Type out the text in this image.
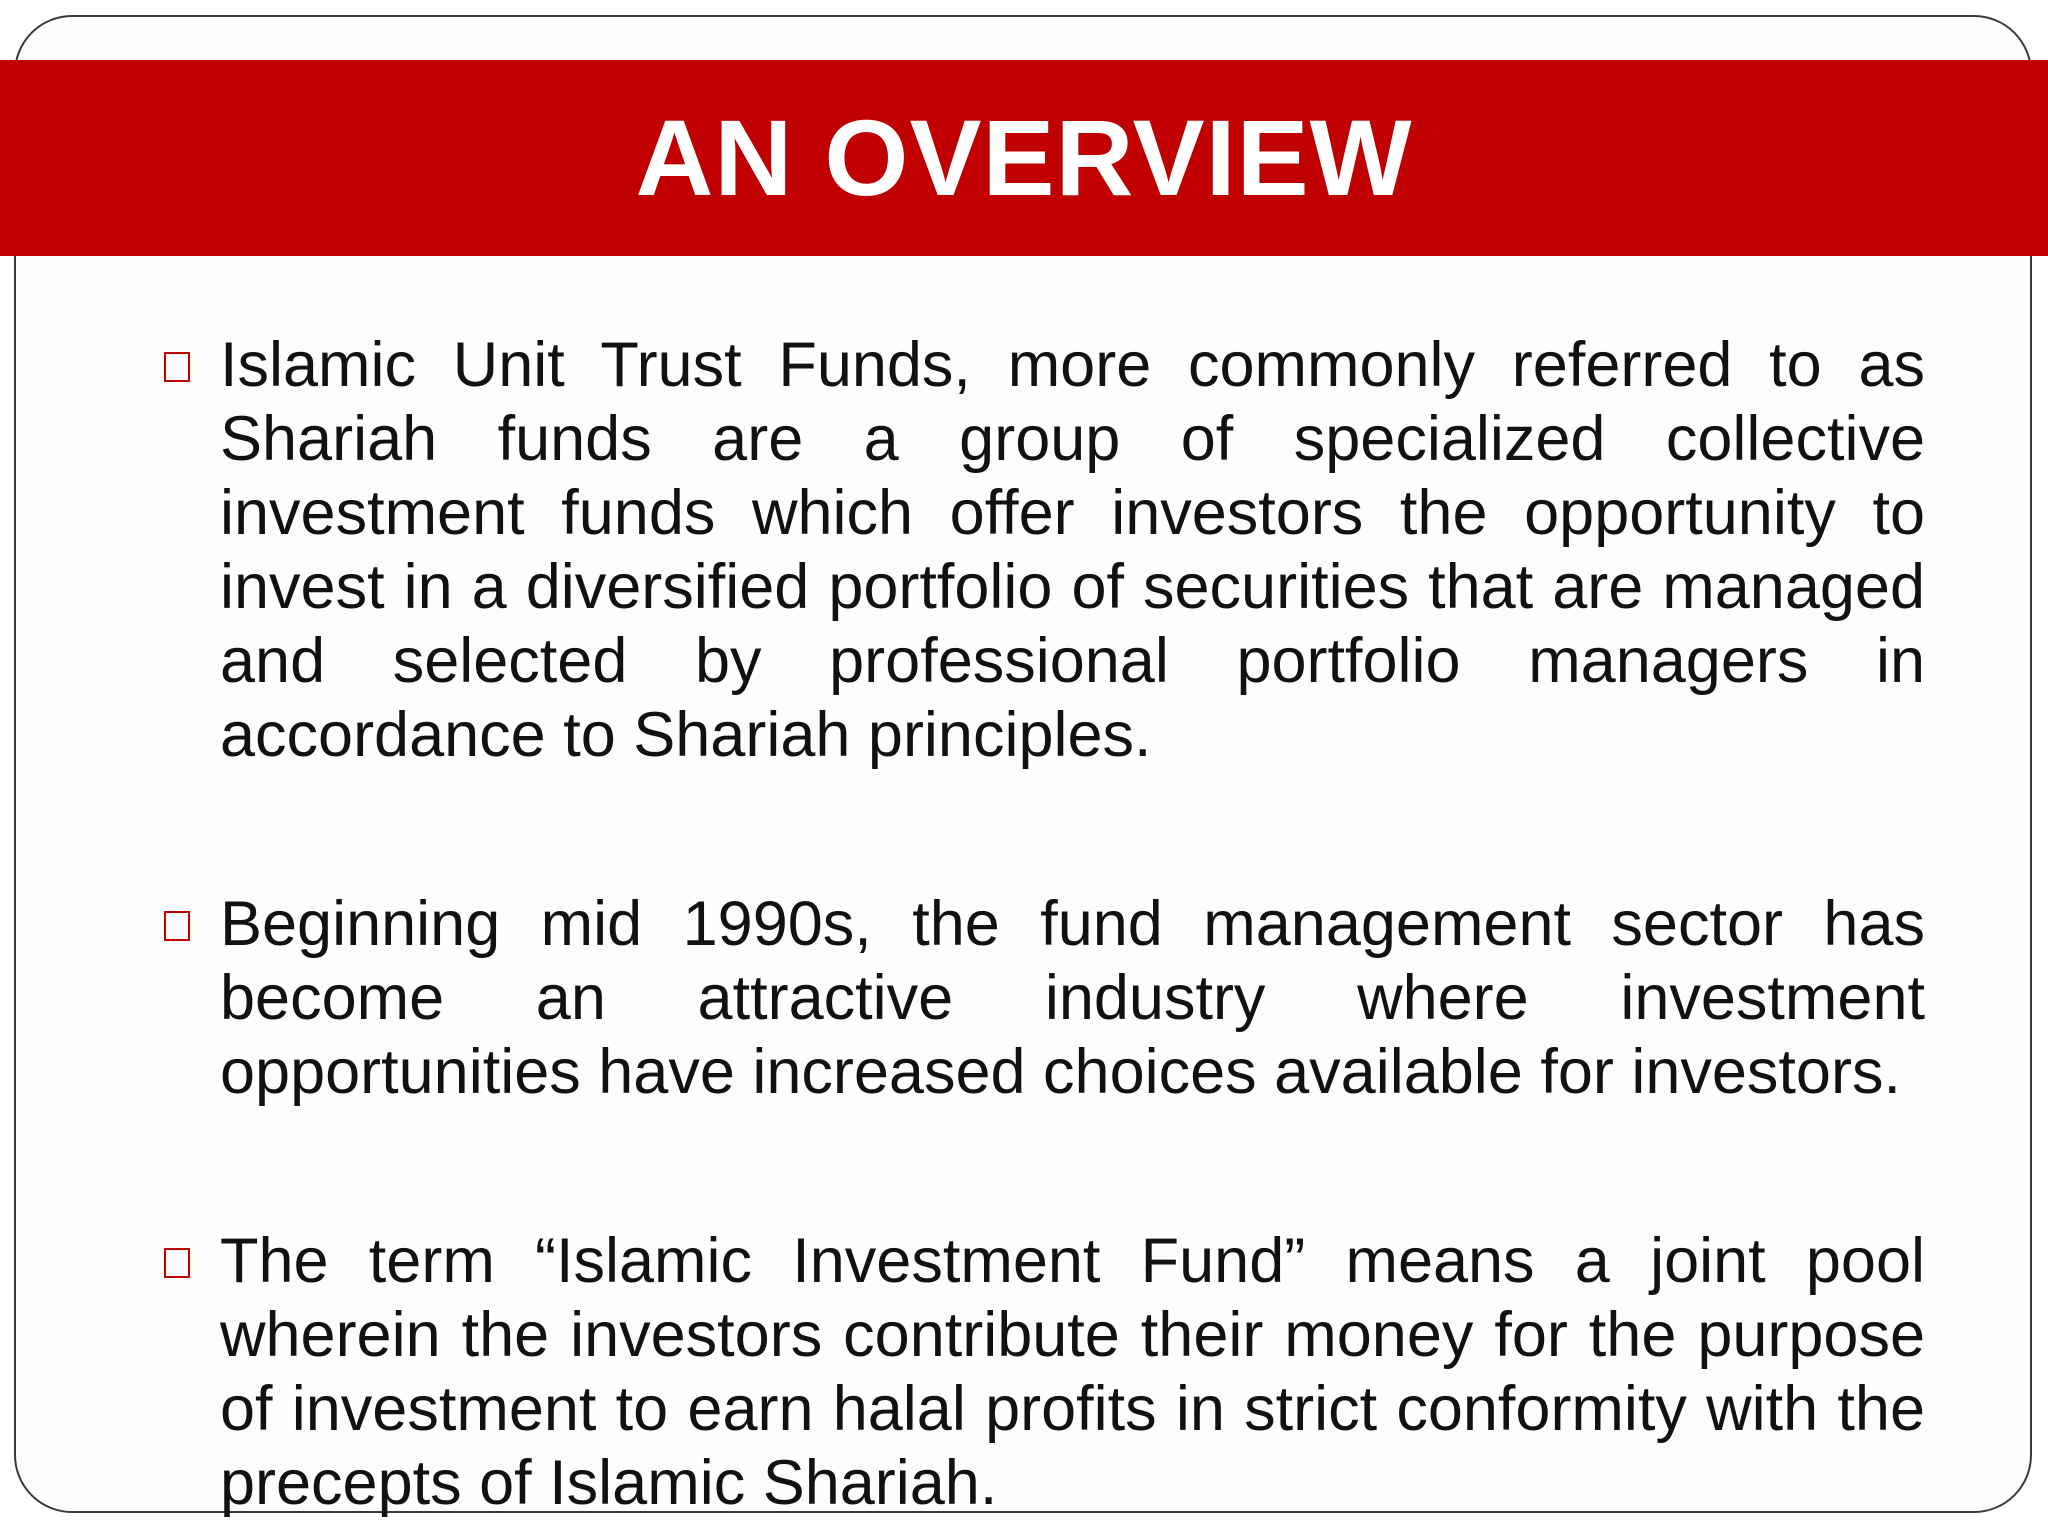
AN OVERVIEW

Islamic Unit Trust Funds, more commonly referred to as Shariah funds are a group of specialized collective investment funds which offer investors the opportunity to invest in a diversified portfolio of securities that are managed and selected by professional portfolio managers in accordance to Shariah principles.

Beginning mid 1990s, the fund management sector has become an attractive industry where investment opportunities have increased choices available for investors.

The term “Islamic Investment Fund” means a joint pool wherein the investors contribute their money for the purpose of investment to earn halal profits in strict conformity with the precepts of Islamic Shariah.
